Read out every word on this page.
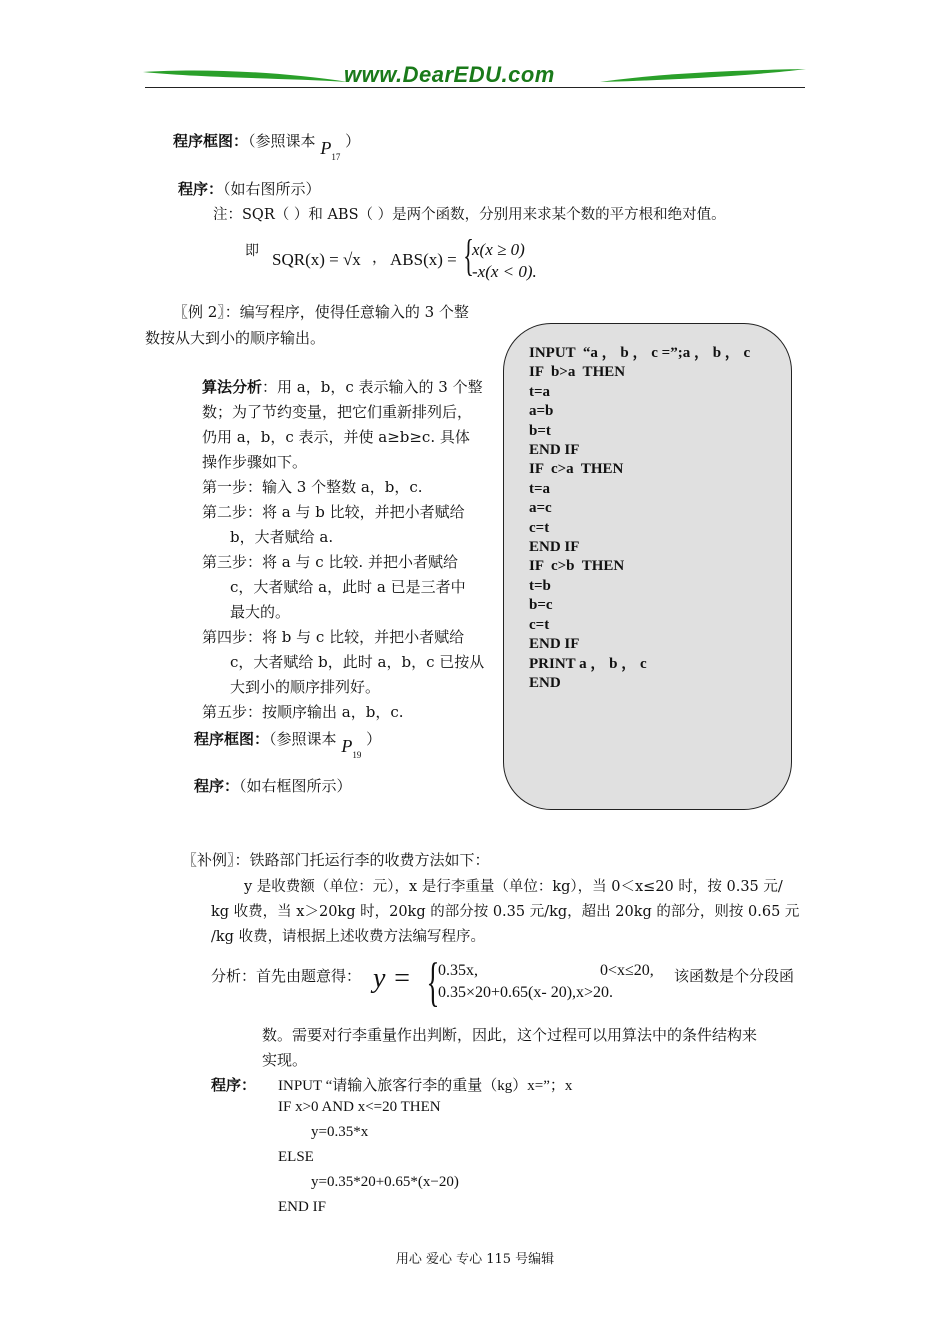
www.DearEDU.com
程序框图：（参照课本 $P_{17}$ ）
程序：（如右图所示）
注：SQR（ ）和 ABS（ ）是两个函数，分别用来求某个数的平方根和绝对值。
即 SQR(x) = √x ， ABS(x) = {
x(x ≥ 0)
-x(x < 0).
〖例 2〗：编写程序，使得任意输入的 3 个整
数按从大到小的顺序输出。
算法分析：用 a，b，c 表示输入的 3 个整
数；为了节约变量，把它们重新排列后，
仍用 a，b，c 表示，并使 a≥b≥c. 具体
操作步骤如下。
第一步：输入 3 个整数 a，b，c.
第二步：将 a 与 b 比较，并把小者赋给
b，大者赋给 a.
第三步：将 a 与 c 比较. 并把小者赋给
c，大者赋给 a，此时 a 已是三者中
最大的。
第四步：将 b 与 c 比较，并把小者赋给
c，大者赋给 b，此时 a，b，c 已按从
大到小的顺序排列好。
第五步：按顺序输出 a，b，c.
程序框图：（参照课本 $P_{19}$ ）
程序：（如右框图所示）
INPUT  “a ， b ， c =”;a ， b ， c
IF  b>a  THEN
t=a
a=b
b=t
END IF
IF  c>a  THEN
t=a
a=c
c=t
END IF
IF  c>b  THEN
t=b
b=c
c=t
END IF
PRINT a ， b ， c
END
〖补例〗：铁路部门托运行李的收费方法如下：
y 是收费额（单位：元），x 是行李重量（单位：kg），当 0＜x≤20 时，按 0.35 元/
kg 收费，当 x＞20kg 时，20kg 的部分按 0.35 元/kg，超出 20kg 的部分，则按 0.65 元
/kg 收费，请根据上述收费方法编写程序。
分析：首先由题意得： y = {
0.35x,	0<x≤20, 该函数是个分段函
0.35×20+0.65(x- 20),x>20.
数。需要对行李重量作出判断，因此，这个过程可以用算法中的条件结构来
实现。
程序： INPUT “请输入旅客行李的重量（kg）x=”；x
IF x>0 AND x<=20 THEN
y=0.35*x
ELSE
y=0.35*20+0.65*(x−20)
END IF
用心 爱心 专心 115 号编辑
